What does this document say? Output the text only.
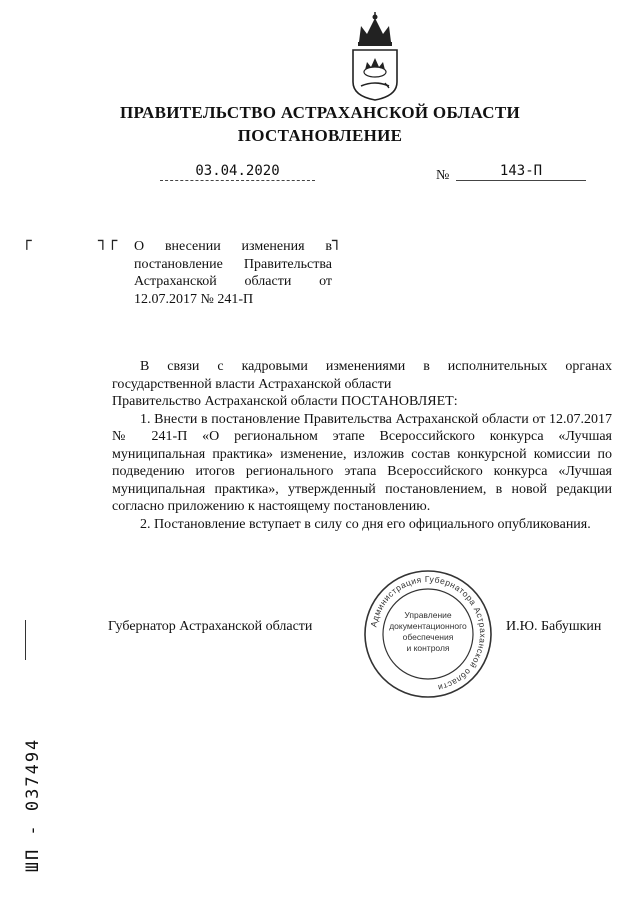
ПРАВИТЕЛЬСТВО АСТРАХАНСКОЙ ОБЛАСТИ
ПОСТАНОВЛЕНИЕ
03.04.2020	№	143-П
┌	┐┌	┐
О внесении изменения в постановление Правительства Астраханской области от 12.07.2017 № 241-П

В связи с кадровыми изменениями в исполнительных органах государственной власти Астраханской области

Правительство Астраханской области ПОСТАНОВЛЯЕТ:

1. Внести в постановление Правительства Астраханской области от 12.07.2017 № 241-П «О региональном этапе Всероссийского конкурса «Лучшая муниципальная практика» изменение, изложив состав конкурсной комиссии по подведению итогов регионального этапа Всероссийского конкурса «Лучшая муниципальная практика», утвержденный постановлением, в новой редакции согласно приложению к настоящему постановлению.

2. Постановление вступает в силу со дня его официального опубликования.

Губернатор Астраханской области	И.Ю. Бабушкин
Администрация Губернатора Астраханской области
Управление
документационного
обеспечения
и контроля
ШП - 037494
